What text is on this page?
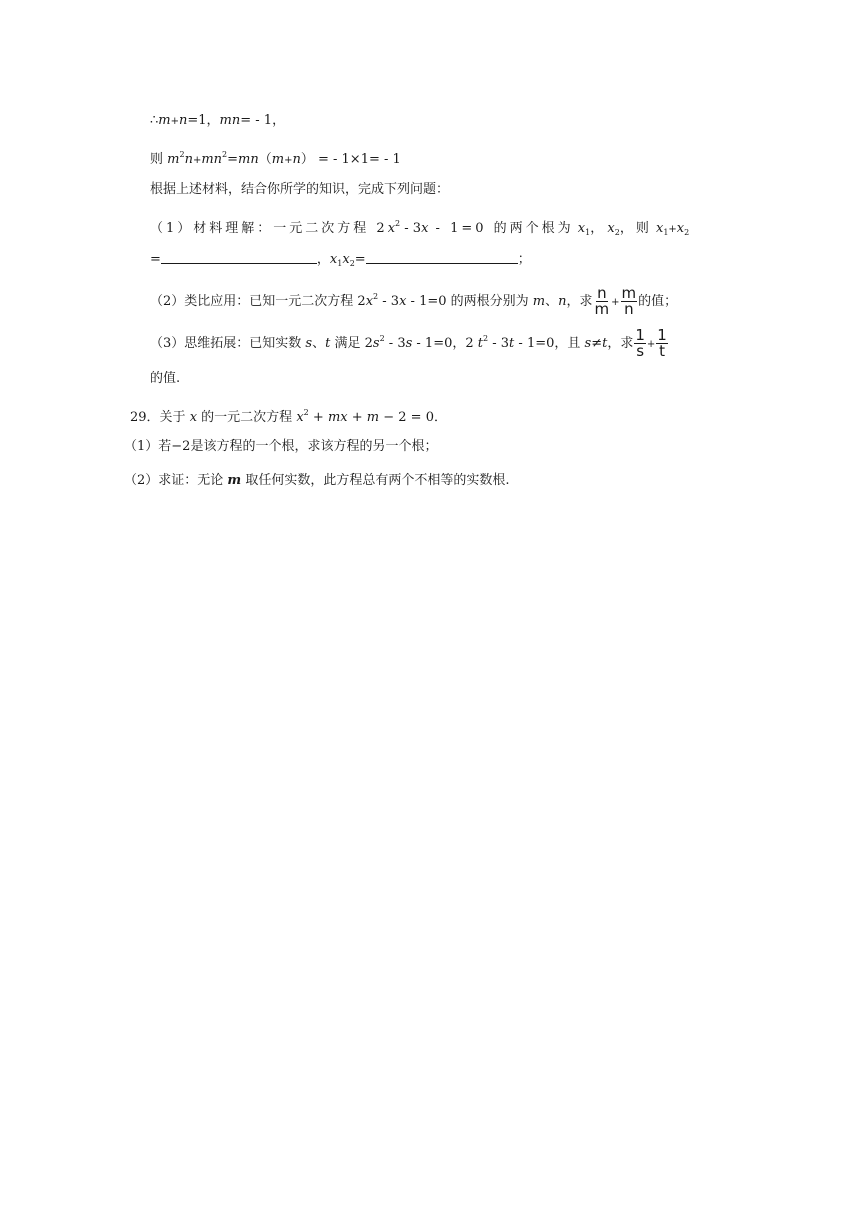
∴m+n=1，mn= - 1，
则 $m^2n+mn^2=mn(m+n)$ = - 1×1= - 1
根据上述材料，结合你所学的知识，完成下列问题：
（1）材料理解：一元二次方程 $2x^2 - 3x - 1=0$ 的两个根为 $x_1$， $x_2$，则 $x_1+x_2$
=	，$x_1x_2=$	；
（2）类比应用：已知一元二次方程 $2x^2 - 3x - 1=0$ 的两根分别为 m、n，求 $\frac{n}{m} + \frac{m}{n}$ 的值；
（3）思维拓展：已知实数 s、t 满足 $2s^2 - 3s - 1=0$，2 $t^2 - 3t - 1=0$，且 s≠t，求 $\frac{1}{s} + \frac{1}{t}$
的值.
29．关于 x 的一元二次方程 $x^2$ + mx + m − 2 = 0．
（1）若−2是该方程的一个根，求该方程的另一个根；
（2）求证：无论 m 取任何实数，此方程总有两个不相等的实数根.
